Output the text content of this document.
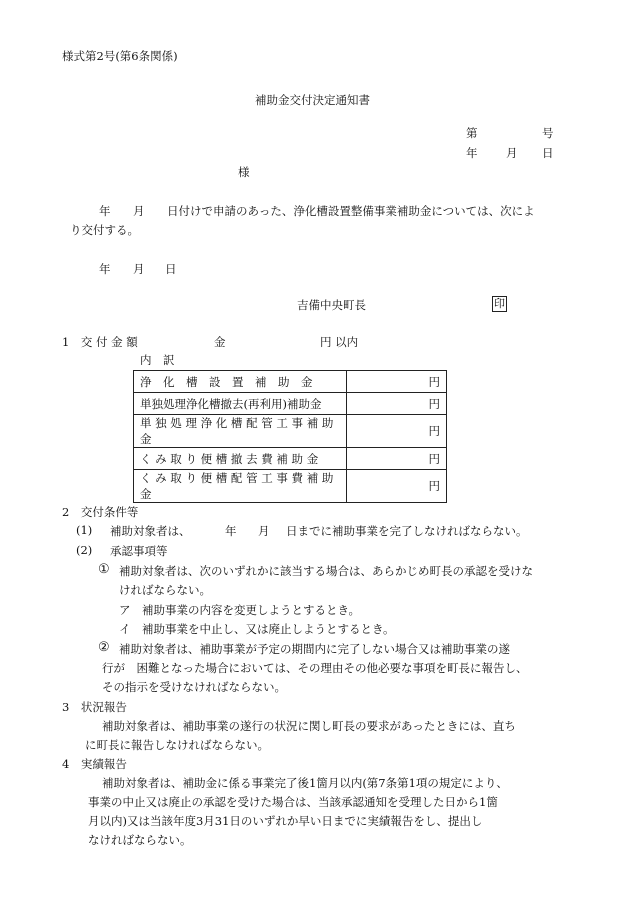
様式第2号(第6条関係)
補助金交付決定通知書
第	号
年 月 日
様
年 月 日付けで申請のあった、浄化槽設置整備事業補助金については、次によ
り交付する。
年 月 日
吉備中央町長	印
1　交 付 金 額	金	円 以内
内　訳
浄　化　槽　設　置　補　助　金	円
単独処理浄化槽撤去(再利用)補助金	円
単 独 処 理 浄 化 槽 配 管 工 事 補 助 金	円
く み 取 り 便 槽 撤 去 費 補 助 金	円
く み 取 り 便 槽 配 管 工 事 費 補 助 金	円
2　交付条件等
(1) 補助対象者は、	年 月 日までに補助事業を完了しなければならない。
(2) 承認事項等
① 補助対象者は、次のいずれかに該当する場合は、あらかじめ町長の承認を受けな
ければならない。
ア　補助事業の内容を変更しようとするとき。
イ　補助事業を中止し、又は廃止しようとするとき。
② 補助対象者は、補助事業が予定の期間内に完了しない場合又は補助事業の遂
行が　困難となった場合においては、その理由その他必要な事項を町長に報告し、
その指示を受けなければならない。
3　状況報告
補助対象者は、補助事業の遂行の状況に関し町長の要求があったときには、直ち
に町長に報告しなければならない。
4　実績報告
補助対象者は、補助金に係る事業完了後1箇月以内(第7条第1項の規定により、
事業の中止又は廃止の承認を受けた場合は、当該承認通知を受理した日から1箇
月以内)又は当該年度3月31日のいずれか早い日までに実績報告をし、提出し
なければならない。
